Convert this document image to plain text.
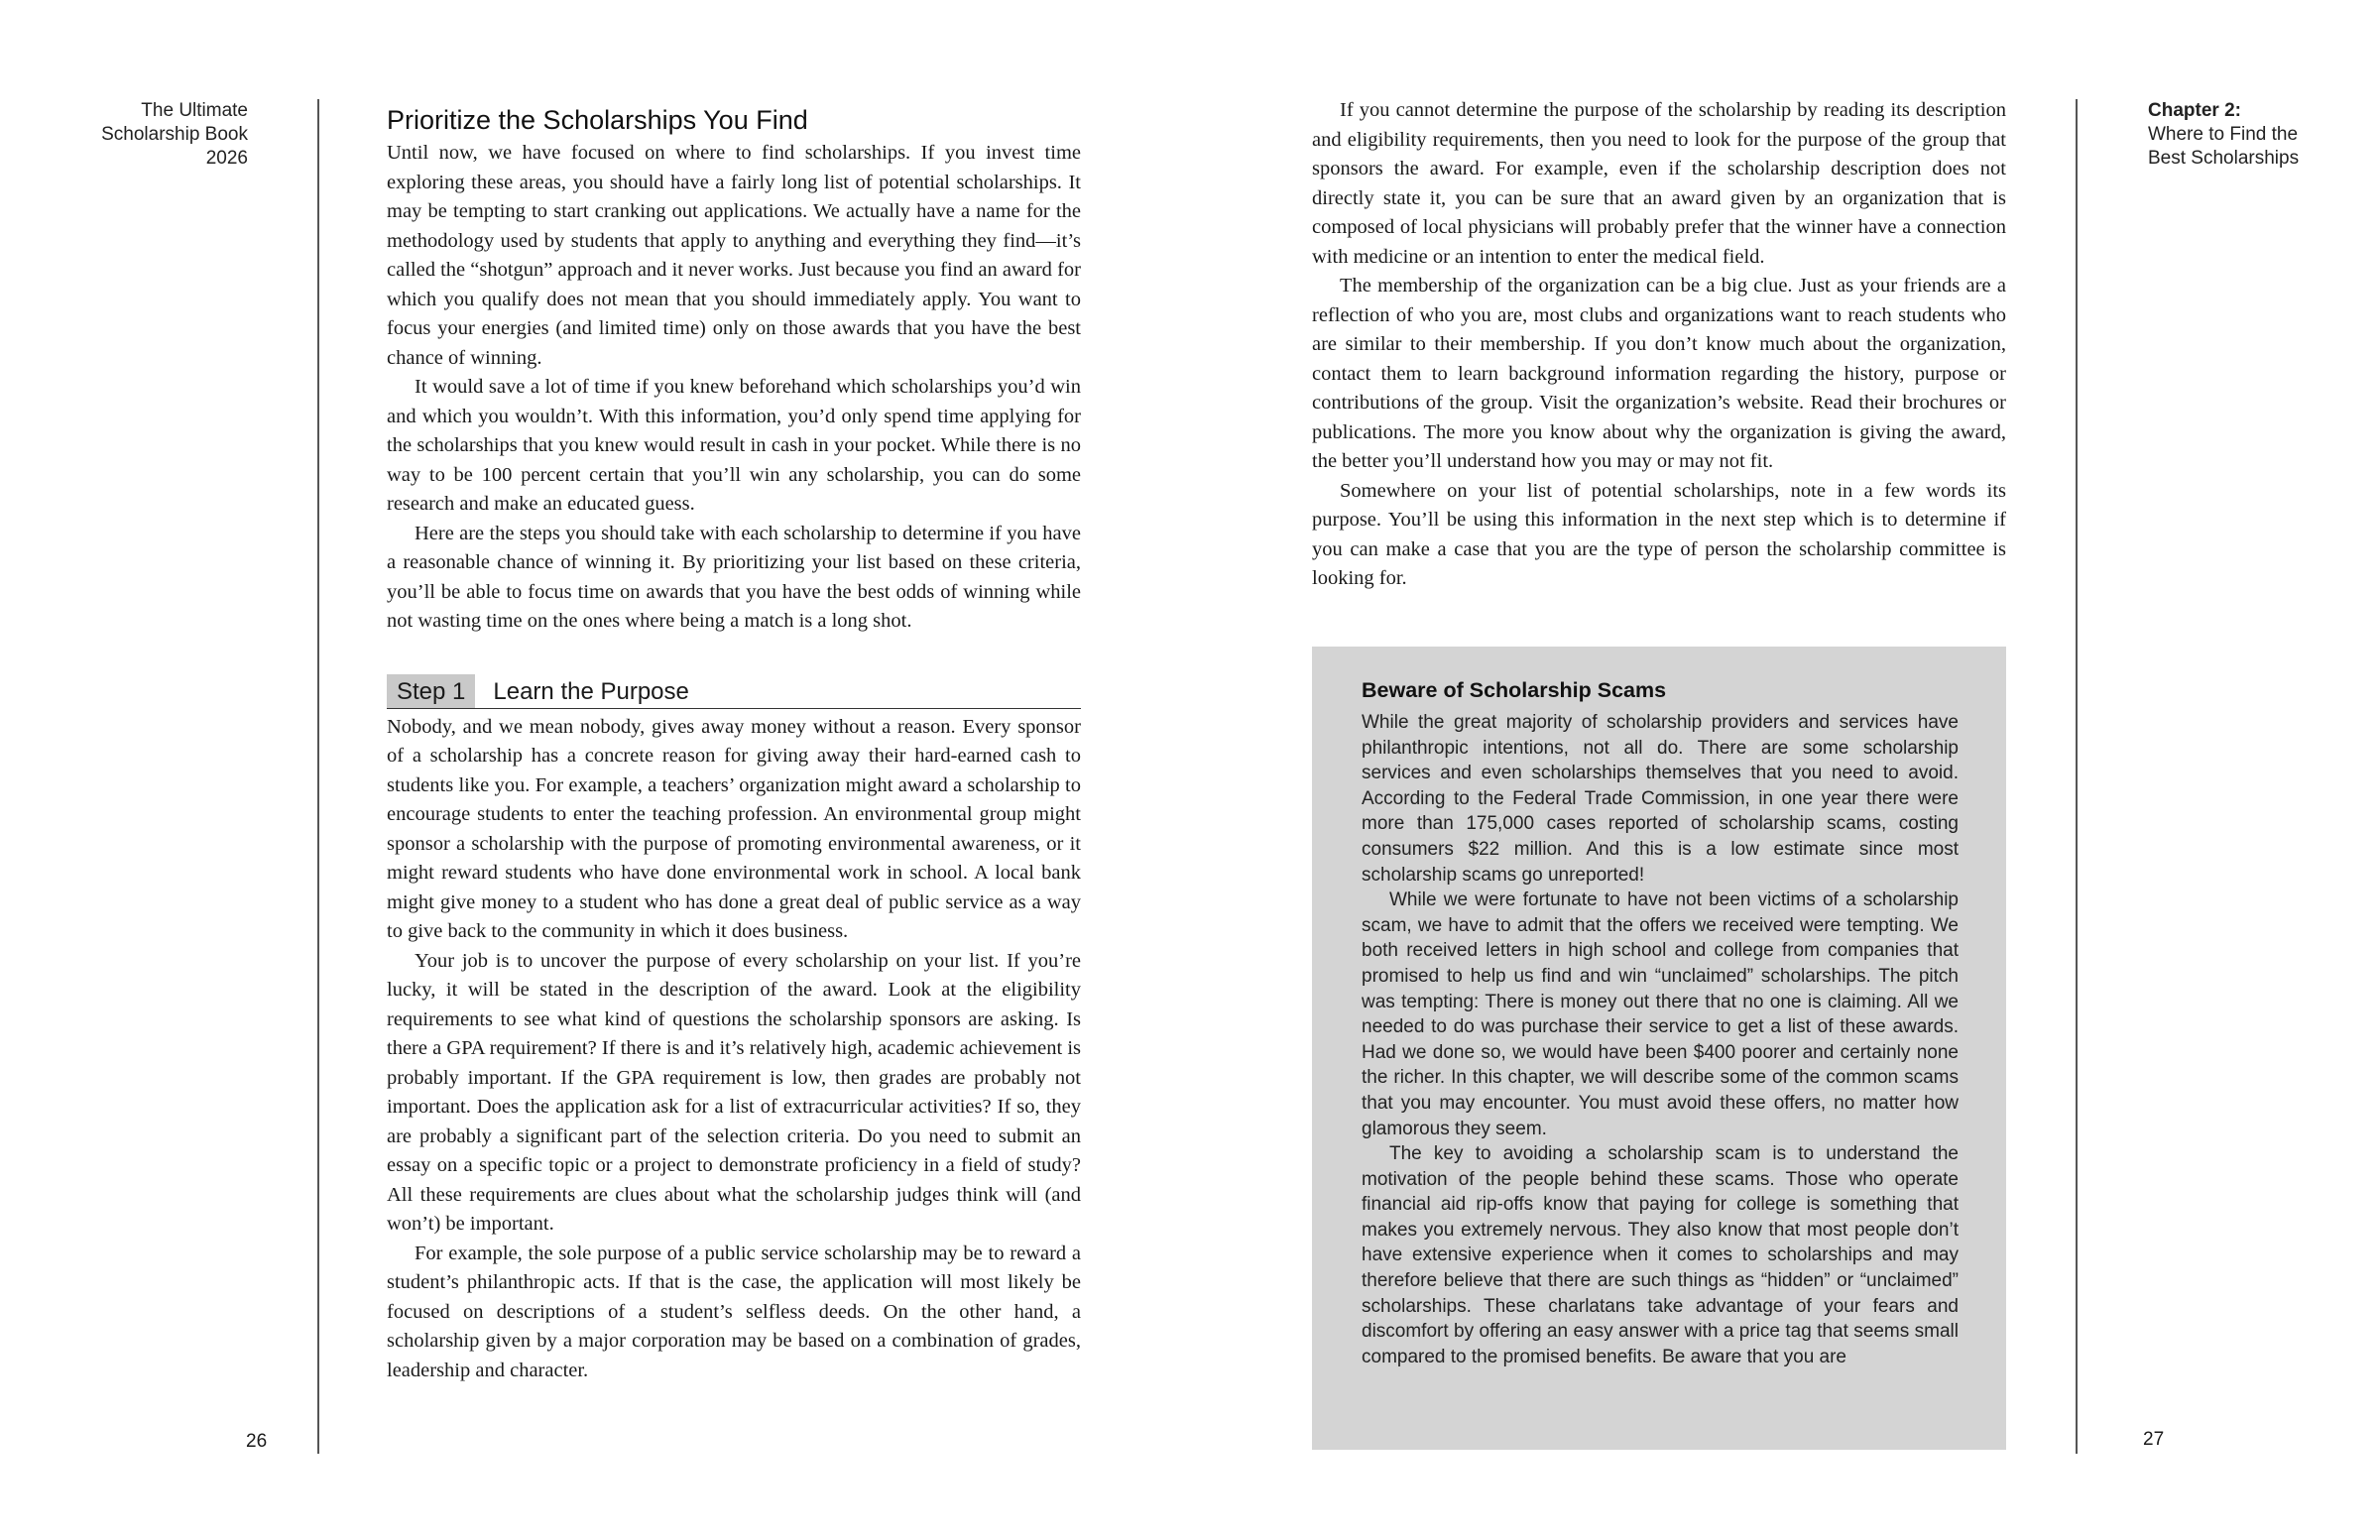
The Ultimate
Scholarship Book
2026
26
Prioritize the Scholarships You Find

Until now, we have focused on where to find scholarships. If you invest time exploring these areas, you should have a fairly long list of potential scholarships. It may be tempting to start cranking out applications. We actually have a name for the methodology used by students that apply to anything and everything they find—it’s called the “shotgun” approach and it never works. Just because you find an award for which you qualify does not mean that you should immediately apply. You want to focus your energies (and limited time) only on those awards that you have the best chance of winning.

It would save a lot of time if you knew beforehand which scholarships you’d win and which you wouldn’t. With this information, you’d only spend time applying for the scholarships that you knew would result in cash in your pocket. While there is no way to be 100 percent certain that you’ll win any scholarship, you can do some research and make an educated guess.

Here are the steps you should take with each scholarship to determine if you have a reasonable chance of winning it. By prioritizing your list based on these criteria, you’ll be able to focus time on awards that you have the best odds of winning while not wasting time on the ones where being a match is a long shot.

Step 1	Learn the Purpose

Nobody, and we mean nobody, gives away money without a reason. Every sponsor of a scholarship has a concrete reason for giving away their hard-earned cash to students like you. For example, a teachers’ organization might award a scholarship to encourage students to enter the teaching profession. An environmental group might sponsor a scholarship with the purpose of promoting environmental awareness, or it might reward students who have done environmental work in school. A local bank might give money to a student who has done a great deal of public service as a way to give back to the community in which it does business.

Your job is to uncover the purpose of every scholarship on your list. If you’re lucky, it will be stated in the description of the award. Look at the eligibility requirements to see what kind of questions the scholarship sponsors are asking. Is there a GPA requirement? If there is and it’s relatively high, academic achievement is probably important. If the GPA requirement is low, then grades are probably not important. Does the application ask for a list of extracurricular activities? If so, they are probably a significant part of the selection criteria. Do you need to submit an essay on a specific topic or a project to demonstrate proficiency in a field of study? All these requirements are clues about what the scholarship judges think will (and won’t) be important.

For example, the sole purpose of a public service scholarship may be to reward a student’s philanthropic acts. If that is the case, the application will most likely be focused on descriptions of a student’s selfless deeds. On the other hand, a scholarship given by a major corporation may be based on a combination of grades, leadership and character.

If you cannot determine the purpose of the scholarship by reading its description and eligibility requirements, then you need to look for the purpose of the group that sponsors the award. For example, even if the scholarship description does not directly state it, you can be sure that an award given by an organization that is composed of local physicians will probably prefer that the winner have a connection with medicine or an intention to enter the medical field.

The membership of the organization can be a big clue. Just as your friends are a reflection of who you are, most clubs and organizations want to reach students who are similar to their membership. If you don’t know much about the organization, contact them to learn background information regarding the history, purpose or contributions of the group. Visit the organization’s website. Read their brochures or publications. The more you know about why the organization is giving the award, the better you’ll understand how you may or may not fit.

Somewhere on your list of potential scholarships, note in a few words its purpose. You’ll be using this information in the next step which is to determine if you can make a case that you are the type of person the scholarship committee is looking for.

Beware of Scholarship Scams

While the great majority of scholarship providers and services have philanthropic intentions, not all do. There are some scholarship services and even scholarships themselves that you need to avoid. According to the Federal Trade Commission, in one year there were more than 175,000 cases reported of scholarship scams, costing consumers $22 million. And this is a low estimate since most scholarship scams go unreported!

While we were fortunate to have not been victims of a scholarship scam, we have to admit that the offers we received were tempting. We both received letters in high school and college from companies that promised to help us find and win “unclaimed” scholarships. The pitch was tempting: There is money out there that no one is claiming. All we needed to do was purchase their service to get a list of these awards. Had we done so, we would have been $400 poorer and certainly none the richer. In this chapter, we will describe some of the common scams that you may encounter. You must avoid these offers, no matter how glamorous they seem.

The key to avoiding a scholarship scam is to understand the motivation of the people behind these scams. Those who operate financial aid rip-offs know that paying for college is something that makes you extremely nervous. They also know that most people don’t have extensive experience when it comes to scholarships and may therefore believe that there are such things as “hidden” or “unclaimed” scholarships. These charlatans take advantage of your fears and discomfort by offering an easy answer with a price tag that seems small compared to the promised benefits. Be aware that you are

Chapter 2:
Where to Find the
Best Scholarships
27
